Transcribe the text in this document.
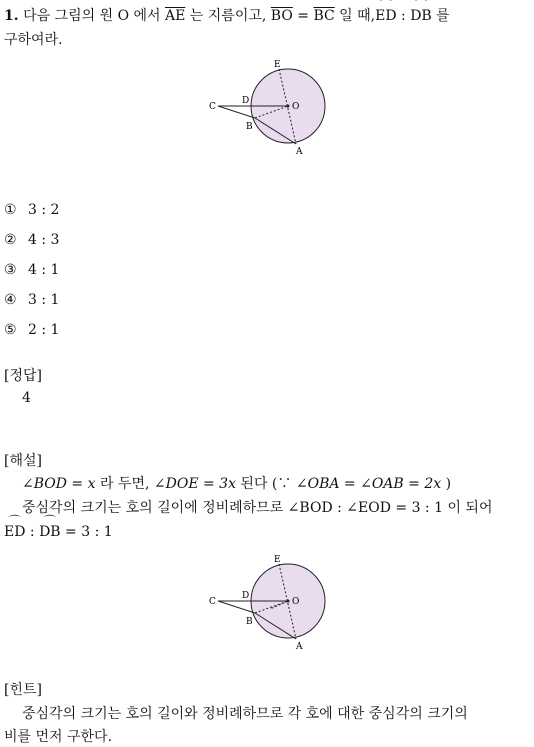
1. 다음 그림의 원 O 에서 $\overline{AE}$ 는 지름이고, $\overline{BO} = \overline{BC}$ 일 때,⌒ ED : ⌒ DB 를
구하여라.
E
D
O
C
B
A
① 3 : 2
② 4 : 3
③ 4 : 1
④ 3 : 1
⑤ 2 : 1
[정답]
4
[해설]
∠BOD = x 라 두면, ∠DOE = 3x 된다 (∵ ∠OBA = ∠OAB = 2x )
중심각의 크기는 호의 길이에 정비례하므로 ∠BOD : ∠EOD = 3 : 1 이 되어
⌒ ED : ⌒ DB = 3 : 1
E
D
O
C
B
A
[힌트]
중심각의 크기는 호의 길이와 정비례하므로 각 호에 대한 중심각의 크기의
비를 먼저 구한다.
